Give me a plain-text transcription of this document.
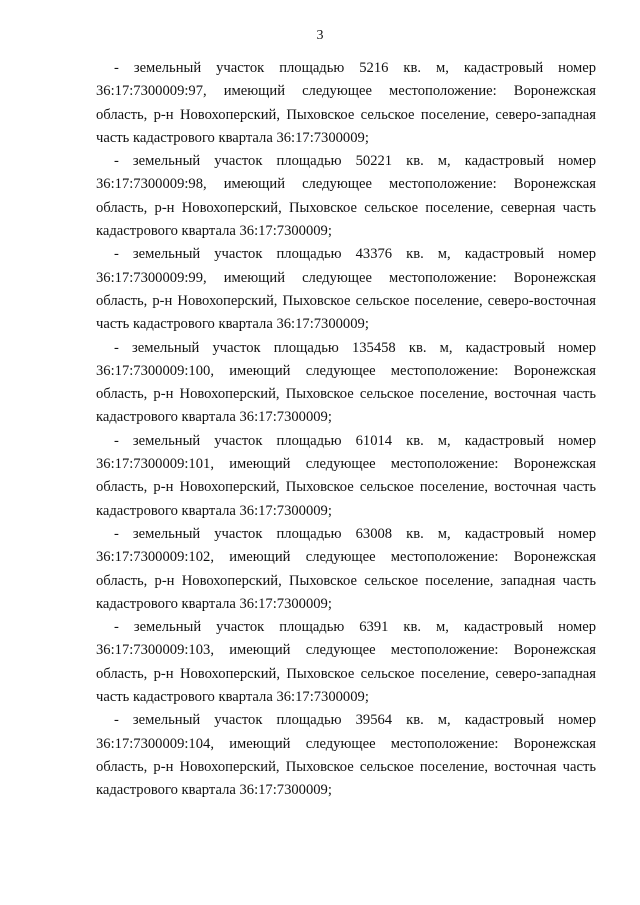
3

- земельный участок площадью 5216 кв. м, кадастровый номер 36:17:7300009:97, имеющий следующее местоположение: Воронежская область, р-н Новохоперский, Пыховское сельское поселение, северо-западная часть кадастрового квартала 36:17:7300009;

- земельный участок площадью 50221 кв. м, кадастровый номер 36:17:7300009:98, имеющий следующее местоположение: Воронежская область, р-н Новохоперский, Пыховское сельское поселение, северная часть кадастрового квартала 36:17:7300009;

- земельный участок площадью 43376 кв. м, кадастровый номер 36:17:7300009:99, имеющий следующее местоположение: Воронежская область, р-н Новохоперский, Пыховское сельское поселение, северо-восточная часть кадастрового квартала 36:17:7300009;

- земельный участок площадью 135458 кв. м, кадастровый номер 36:17:7300009:100, имеющий следующее местоположение: Воронежская область, р-н Новохоперский, Пыховское сельское поселение, восточная часть кадастрового квартала 36:17:7300009;

- земельный участок площадью 61014 кв. м, кадастровый номер 36:17:7300009:101, имеющий следующее местоположение: Воронежская область, р-н Новохоперский, Пыховское сельское поселение, восточная часть кадастрового квартала 36:17:7300009;

- земельный участок площадью 63008 кв. м, кадастровый номер 36:17:7300009:102, имеющий следующее местоположение: Воронежская область, р-н Новохоперский, Пыховское сельское поселение, западная часть кадастрового квартала 36:17:7300009;

- земельный участок площадью 6391 кв. м, кадастровый номер 36:17:7300009:103, имеющий следующее местоположение: Воронежская область, р-н Новохоперский, Пыховское сельское поселение, северо-западная часть кадастрового квартала 36:17:7300009;

- земельный участок площадью 39564 кв. м, кадастровый номер 36:17:7300009:104, имеющий следующее местоположение: Воронежская область, р-н Новохоперский, Пыховское сельское поселение, восточная часть кадастрового квартала 36:17:7300009;
